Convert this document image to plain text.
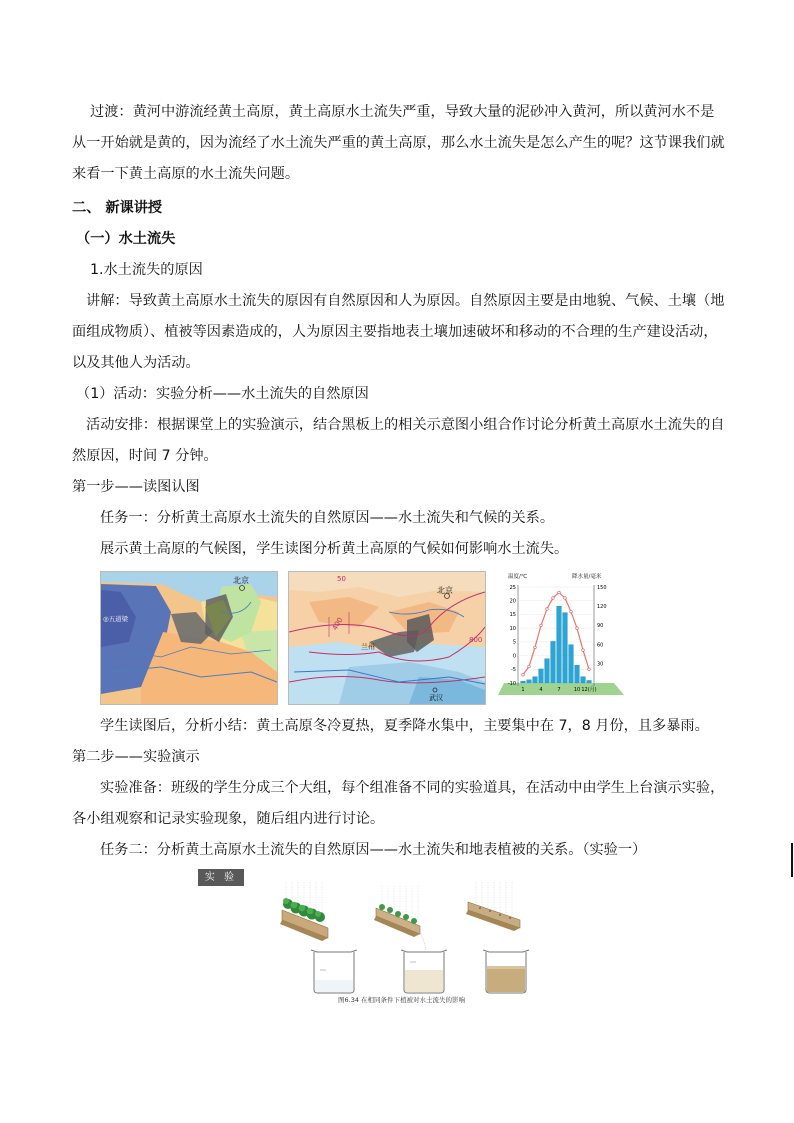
过渡：黄河中游流经黄土高原，黄土高原水土流失严重，导致大量的泥砂冲入黄河，所以黄河水不是
从一开始就是黄的，因为流经了水土流失严重的黄土高原，那么水土流失是怎么产生的呢？这节课我们就
来看一下黄土高原的水土流失问题。
二、 新课讲授
（一）水土流失
1.水土流失的原因
讲解：导致黄土高原水土流失的原因有自然原因和人为原因。自然原因主要是由地貌、气候、土壤（地
面组成物质）、植被等因素造成的，人为原因主要指地表土壤加速破坏和移动的不合理的生产建设活动，
以及其他人为活动。
（1）活动：实验分析——水土流失的自然原因
活动安排：根据课堂上的实验演示，结合黑板上的相关示意图小组合作讨论分析黄土高原水土流失的自
然原因，时间 7 分钟。
第一步——读图认图
任务一：分析黄土高原水土流失的自然原因——水土流失和气候的关系。
展示黄土高原的气候图，学生读图分析黄土高原的气候如何影响水土流失。
北京
◎五道梁
北京
50
400
800
兰州
武汉
25
20
15
10
5
0
-5
-10
150
120
90
60
30
1	4	7	10 12(月)
温度/℃	降水量/毫米
学生读图后，分析小结：黄土高原冬冷夏热，夏季降水集中，主要集中在 7，8 月份，且多暴雨。
第二步——实验演示
实验准备：班级的学生分成三个大组，每个组准备不同的实验道具，在活动中由学生上台演示实验，
各小组观察和记录实验现象，随后组内进行讨论。
任务二：分析黄土高原水土流失的自然原因——水土流失和地表植被的关系。（实验一）
实 验 一
图6.34 在相同条件下植被对水土流失的影响
